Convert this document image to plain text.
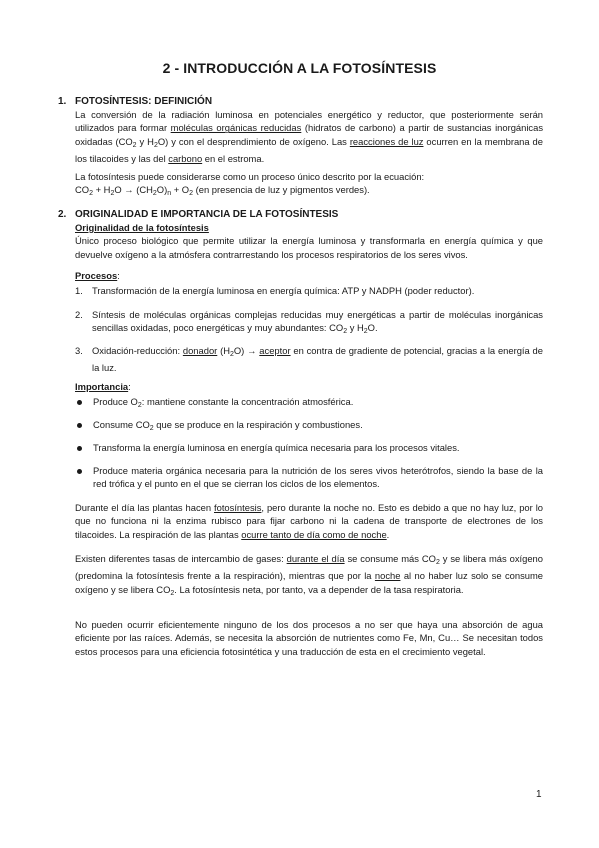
2 - INTRODUCCIÓN A LA FOTOSÍNTESIS
1. FOTOSÍNTESIS: DEFINICIÓN

La conversión de la radiación luminosa en potenciales energético y reductor, que posteriormente serán utilizados para formar moléculas orgánicas reducidas (hidratos de carbono) a partir de sustancias inorgánicas oxidadas ($CO_2$ y $H_2O$) y con el desprendimiento de oxígeno. Las reacciones de luz ocurren en la membrana de los tilacoides y las del carbono en el estroma.

La fotosíntesis puede considerarse como un proceso único descrito por la ecuación:

$CO_2 + H_2O \to (CH_2O)_n + O_2$ (en presencia de luz y pigmentos verdes).

2. ORIGINALIDAD E IMPORTANCIA DE LA FOTOSÍNTESIS

Originalidad de la fotosíntesis

Único proceso biológico que permite utilizar la energía luminosa y transformarla en energía química y que devuelve oxígeno a la atmósfera contrarrestando los procesos respiratorios de los seres vivos.

Procesos:

1. Transformación de la energía luminosa en energía química: ATP y NADPH (poder reductor).

2. Síntesis de moléculas orgánicas complejas reducidas muy energéticas a partir de moléculas inorgánicas sencillas oxidadas, poco energéticas y muy abundantes: $CO_2$ y $H_2O$.

3. Oxidación-reducción: donador $(H_2O)$ → aceptor en contra de gradiente de potencial, gracias a la energía de la luz.

Importancia:

Produce $O_2$: mantiene constante la concentración atmosférica.

Consume $CO_2$ que se produce en la respiración y combustiones.

Transforma la energía luminosa en energía química necesaria para los procesos vitales.

Produce materia orgánica necesaria para la nutrición de los seres vivos heterótrofos, siendo la base de la red trófica y el punto en el que se cierran los ciclos de los elementos.

Durante el día las plantas hacen fotosíntesis, pero durante la noche no. Esto es debido a que no hay luz, por lo que no funciona ni la enzima rubisco para fijar carbono ni la cadena de transporte de electrones de los tilacoides. La respiración de las plantas ocurre tanto de día como de noche.

Existen diferentes tasas de intercambio de gases: durante el día se consume más $CO_2$ y se libera más oxígeno (predomina la fotosíntesis frente a la respiración), mientras que por la noche al no haber luz solo se consume oxígeno y se libera $CO_2$. La fotosíntesis neta, por tanto, va a depender de la tasa respiratoria.

No pueden ocurrir eficientemente ninguno de los dos procesos a no ser que haya una absorción de agua eficiente por las raíces. Además, se necesita la absorción de nutrientes como Fe, Mn, Cu… Se necesitan todos estos procesos para una eficiencia fotosintética y una traducción de esta en el crecimiento vegetal.

1
